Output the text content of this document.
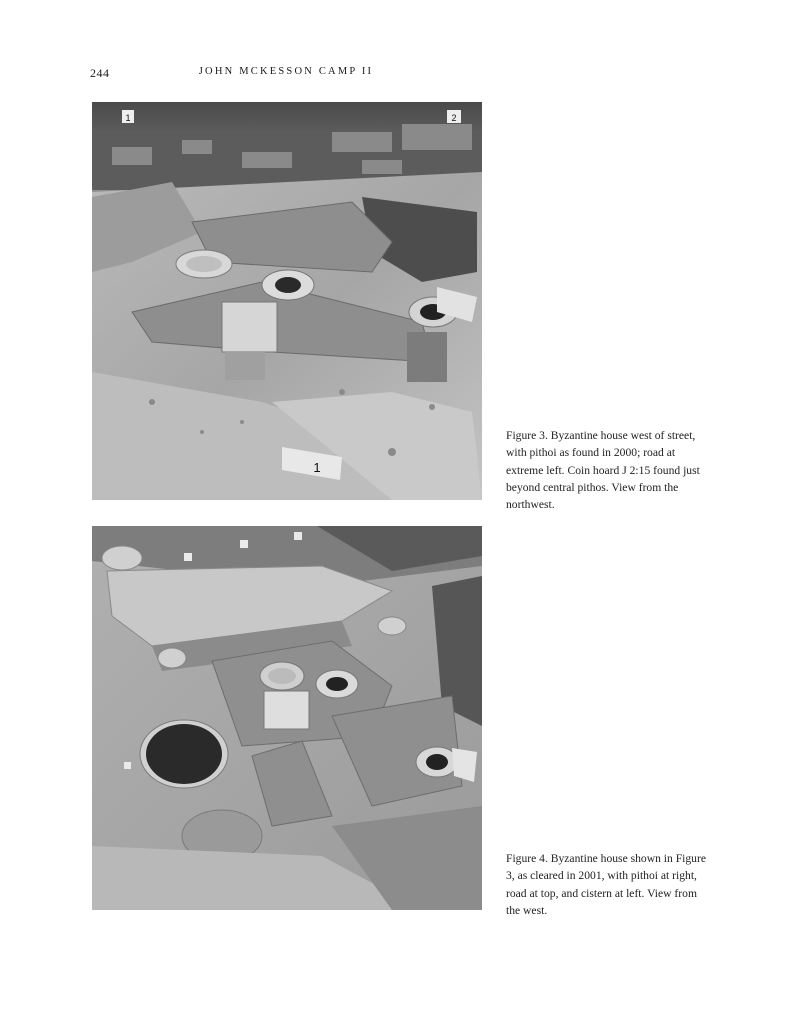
244	JOHN MCKESSON CAMP II
1	2
1
Figure 3. Byzantine house west of street, with pithoi as found in 2000; road at extreme left. Coin hoard J 2:15 found just beyond central pithos. View from the northwest.
Figure 4. Byzantine house shown in Figure 3, as cleared in 2001, with pithoi at right, road at top, and cistern at left. View from the west.
